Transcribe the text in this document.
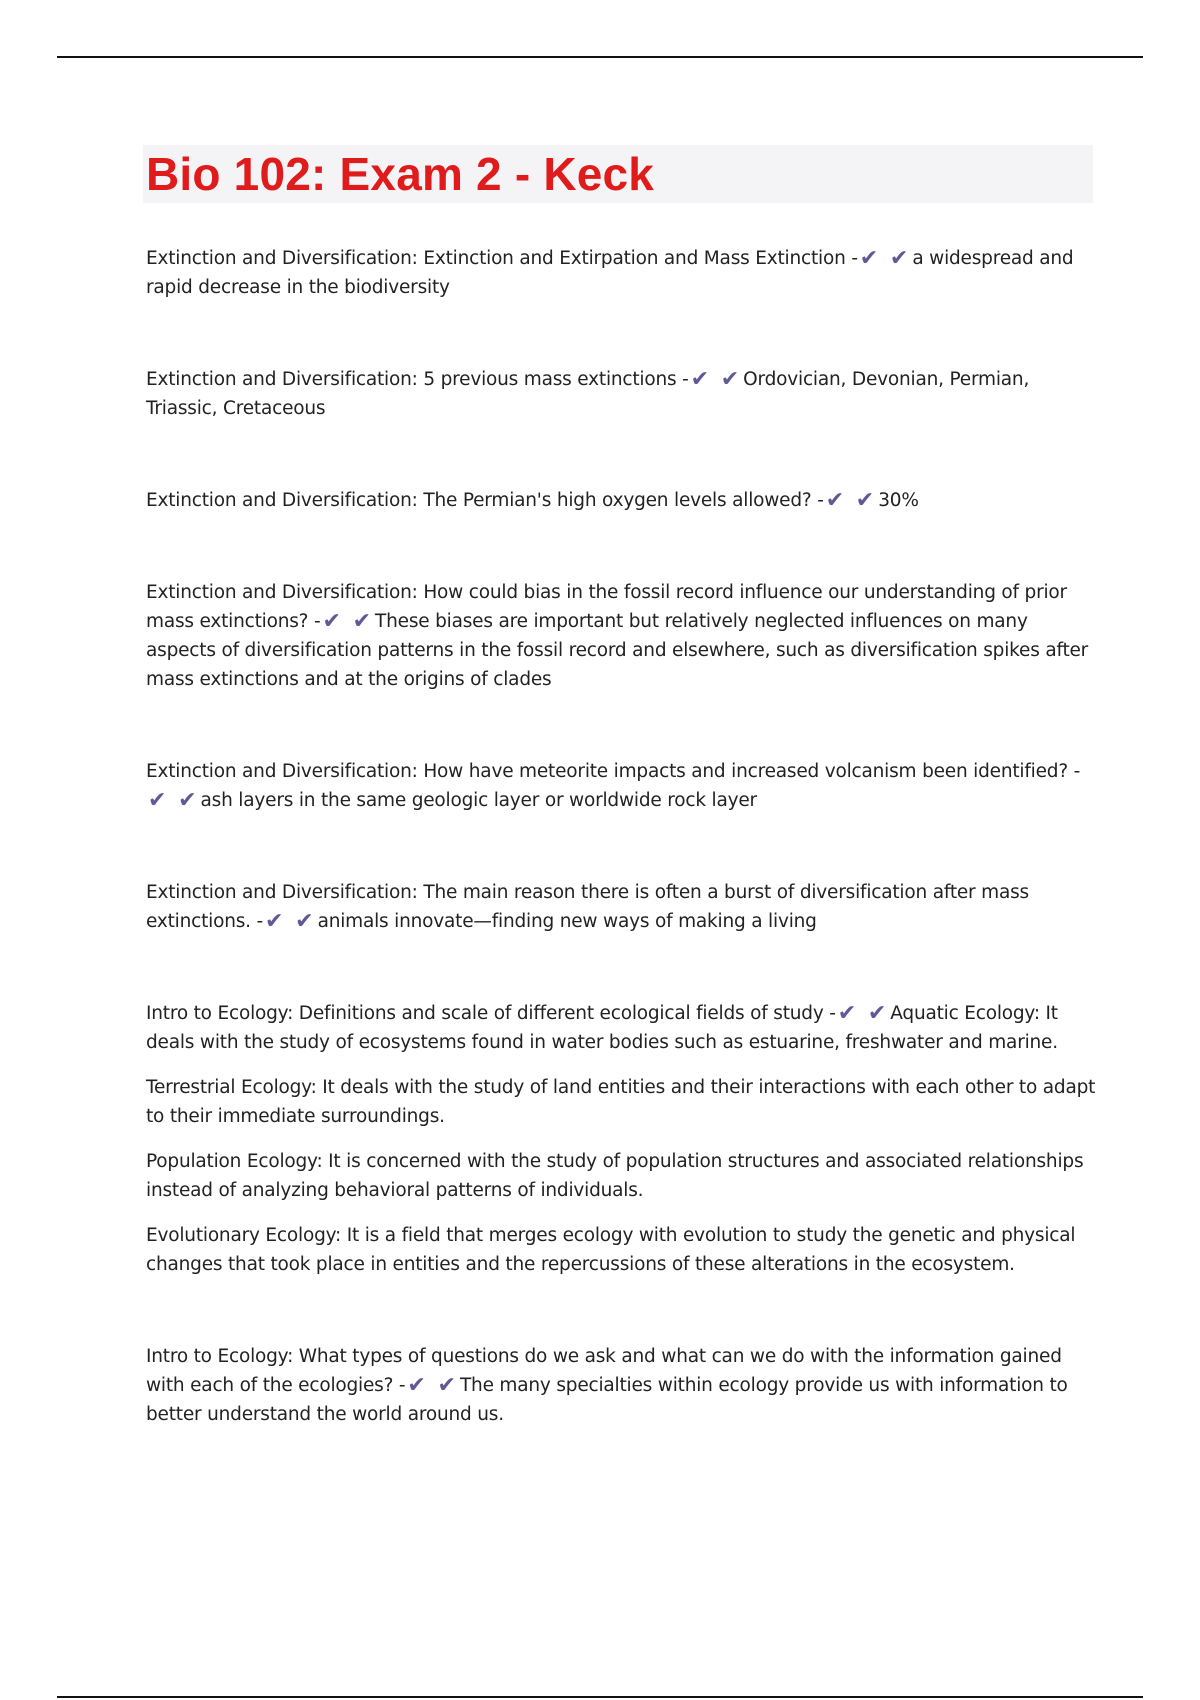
Bio 102: Exam 2 - Keck

Extinction and Diversification: Extinction and Extirpation and Mass Extinction -✔ ✔ a widespread and rapid decrease in the biodiversity

Extinction and Diversification: 5 previous mass extinctions -✔ ✔ Ordovician, Devonian, Permian, Triassic, Cretaceous

Extinction and Diversification: The Permian's high oxygen levels allowed? -✔ ✔ 30%

Extinction and Diversification: How could bias in the fossil record influence our understanding of prior mass extinctions? -✔ ✔ These biases are important but relatively neglected influences on many aspects of diversification patterns in the fossil record and elsewhere, such as diversification spikes after mass extinctions and at the origins of clades

Extinction and Diversification: How have meteorite impacts and increased volcanism been identified? -✔ ✔ ash layers in the same geologic layer or worldwide rock layer

Extinction and Diversification: The main reason there is often a burst of diversification after mass extinctions. -✔ ✔ animals innovate—finding new ways of making a living

Intro to Ecology: Definitions and scale of different ecological fields of study -✔ ✔ Aquatic Ecology: It deals with the study of ecosystems found in water bodies such as estuarine, freshwater and marine.

Terrestrial Ecology: It deals with the study of land entities and their interactions with each other to adapt to their immediate surroundings.

Population Ecology: It is concerned with the study of population structures and associated relationships instead of analyzing behavioral patterns of individuals.

Evolutionary Ecology: It is a field that merges ecology with evolution to study the genetic and physical changes that took place in entities and the repercussions of these alterations in the ecosystem.

Intro to Ecology: What types of questions do we ask and what can we do with the information gained with each of the ecologies? -✔ ✔ The many specialties within ecology provide us with information to better understand the world around us.
